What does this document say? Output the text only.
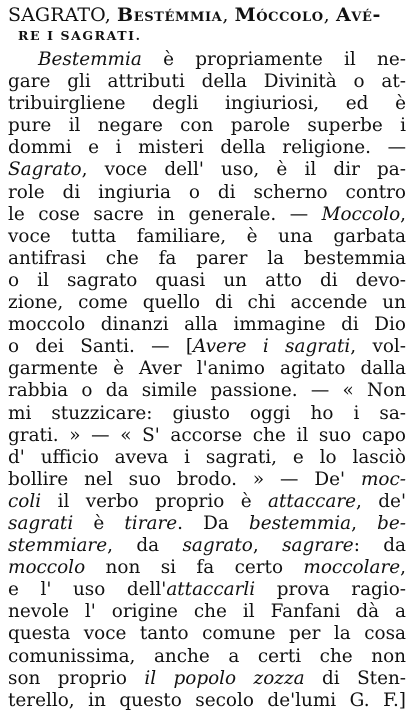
SAGRATO, Bestémmia, Móccolo, Avé-
RE I SAGRATI.
Bestemmia è propriamente il ne-
gare gli attributi della Divinità o at-
tribuirgliene degli ingiuriosi, ed è
pure il negare con parole superbe i
dommi e i misteri della religione. —
Sagrato, voce dell' uso, è il dir pa-
role di ingiuria o di scherno contro
le cose sacre in generale. — Moccolo,
voce tutta familiare, è una garbata
antifrasi che fa parer la bestemmia
o il sagrato quasi un atto di devo-
zione, come quello di chi accende un
moccolo dinanzi alla immagine di Dio
o dei Santi. — [Avere i sagrati, vol-
garmente è Aver l'animo agitato dalla
rabbia o da simile passione. — « Non
mi stuzzicare: giusto oggi ho i sa-
grati. » — « S' accorse che il suo capo
d' ufficio aveva i sagrati, e lo lasciò
bollire nel suo brodo. » — De' moc-
coli il verbo proprio è attaccare, de'
sagrati è tirare. Da bestemmia, be-
stemmiare, da sagrato, sagrare: da
moccolo non si fa certo moccolare,
e l' uso dell'attaccarli prova ragio-
nevole l' origine che il Fanfani dà a
questa voce tanto comune per la cosa
comunissima, anche a certi che non
son proprio il popolo zozza di Sten-
terello, in questo secolo de'lumi G. F.]
